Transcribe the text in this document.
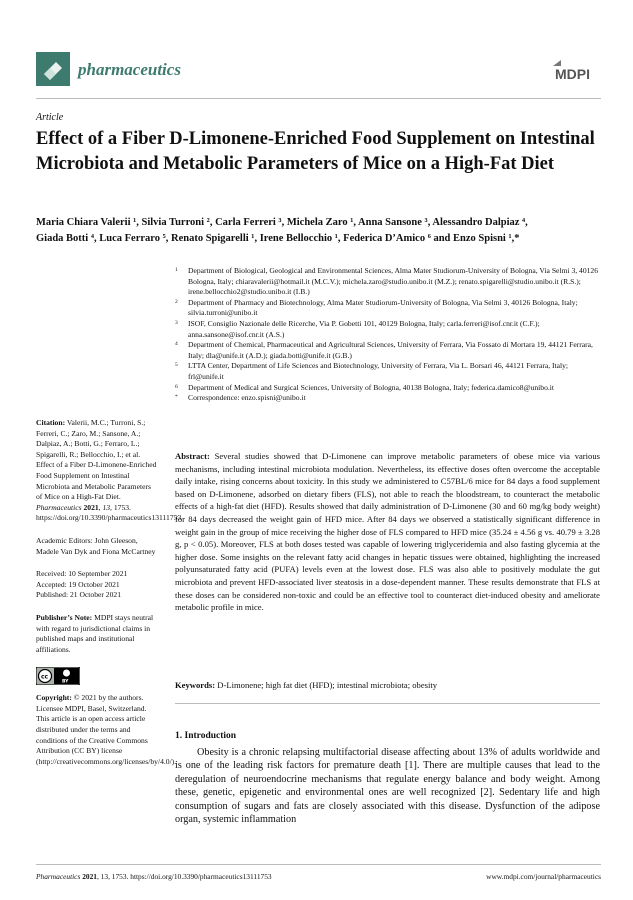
pharmaceutics	MDPI
Article
Effect of a Fiber D-Limonene-Enriched Food Supplement on Intestinal Microbiota and Metabolic Parameters of Mice on a High-Fat Diet
Maria Chiara Valerii ¹, Silvia Turroni ², Carla Ferreri ³, Michela Zaro ¹, Anna Sansone ³, Alessandro Dalpiaz ⁴,
Giada Botti ⁴, Luca Ferraro ⁵, Renato Spigarelli ¹, Irene Bellocchio ¹, Federica D’Amico ⁶ and Enzo Spisni ¹,*
1 Department of Biological, Geological and Environmental Sciences, Alma Mater Studiorum-University of Bologna, Via Selmi 3, 40126 Bologna, Italy; chiaravalerii@hotmail.it (M.C.V.); michela.zaro@studio.unibo.it (M.Z.); renato.spigarelli@studio.unibo.it (R.S.); irene.bellocchio2@studio.unibo.it (I.B.)
2 Department of Pharmacy and Biotechnology, Alma Mater Studiorum-University of Bologna, Via Selmi 3, 40126 Bologna, Italy; silvia.turroni@unibo.it
3 ISOF, Consiglio Nazionale delle Ricerche, Via P. Gobetti 101, 40129 Bologna, Italy; carla.ferreri@isof.cnr.it (C.F.); anna.sansone@isof.cnr.it (A.S.)
4 Department of Chemical, Pharmaceutical and Agricultural Sciences, University of Ferrara, Via Fossato di Mortara 19, 44121 Ferrara, Italy; dla@unife.it (A.D.); giada.botti@unife.it (G.B.)
5 LTTA Center, Department of Life Sciences and Biotechnology, University of Ferrara, Via L. Borsari 46, 44121 Ferrara, Italy; frl@unife.it
6 Department of Medical and Surgical Sciences, University of Bologna, 40138 Bologna, Italy; federica.damico8@unibo.it
* Correspondence: enzo.spisni@unibo.it
Citation: Valerii, M.C.; Turroni, S.; Ferreri, C.; Zaro, M.; Sansone, A.; Dalpiaz, A.; Botti, G.; Ferraro, L.; Spigarelli, R.; Bellocchio, I.; et al. Effect of a Fiber D-Limonene-Enriched Food Supplement on Intestinal Microbiota and Metabolic Parameters of Mice on a High-Fat Diet. Pharmaceutics 2021, 13, 1753. https://doi.org/10.3390/pharmaceutics13111753
Academic Editors: John Gleeson, Madele Van Dyk and Fiona McCartney
Received: 10 September 2021
Accepted: 19 October 2021
Published: 21 October 2021
Publisher’s Note: MDPI stays neutral with regard to jurisdictional claims in published maps and institutional affiliations.
cc
BY
Copyright: © 2021 by the authors. Licensee MDPI, Basel, Switzerland. This article is an open access article distributed under the terms and conditions of the Creative Commons Attribution (CC BY) license (http://creativecommons.org/licenses/by/4.0/).
Abstract: Several studies showed that D-Limonene can improve metabolic parameters of obese mice via various mechanisms, including intestinal microbiota modulation. Nevertheless, its effective doses often overcome the acceptable daily intake, rising concerns about toxicity. In this study we administered to C57BL/6 mice for 84 days a food supplement based on D-Limonene, adsorbed on dietary fibers (FLS), not able to reach the bloodstream, to counteract the metabolic effects of a high-fat diet (HFD). Results showed that daily administration of D-Limonene (30 and 60 mg/kg body weight) for 84 days decreased the weight gain of HFD mice. After 84 days we observed a statistically significant difference in weight gain in the group of mice receiving the higher dose of FLS compared to HFD mice (35.24 ± 4.56 g vs. 40.79 ± 3.28 g, p < 0.05). Moreover, FLS at both doses tested was capable of lowering triglyceridemia and also fasting glycemia at the higher dose. Some insights on the relevant fatty acid changes in hepatic tissues were obtained, highlighting the increased polyunsaturated fatty acid (PUFA) levels even at the lowest dose. FLS was also able to positively modulate the gut microbiota and prevent HFD-associated liver steatosis in a dose-dependent manner. These results demonstrate that FLS at these doses can be considered non-toxic and could be an effective tool to counteract diet-induced obesity and ameliorate metabolic profile in mice.
Keywords: D-Limonene; high fat diet (HFD); intestinal microbiota; obesity
1. Introduction
Obesity is a chronic relapsing multifactorial disease affecting about 13% of adults worldwide and is one of the leading risk factors for premature death [1]. There are multiple causes that lead to the deregulation of neuroendocrine mechanisms that regulate energy balance and body weight. Among these, genetic, epigenetic and environmental ones are well recognized [2]. Sedentary life and high consumption of sugars and fats are closely associated with this disease. Dysfunction of the adipose organ, systemic inflammation
Pharmaceutics 2021, 13, 1753. https://doi.org/10.3390/pharmaceutics13111753	www.mdpi.com/journal/pharmaceutics
